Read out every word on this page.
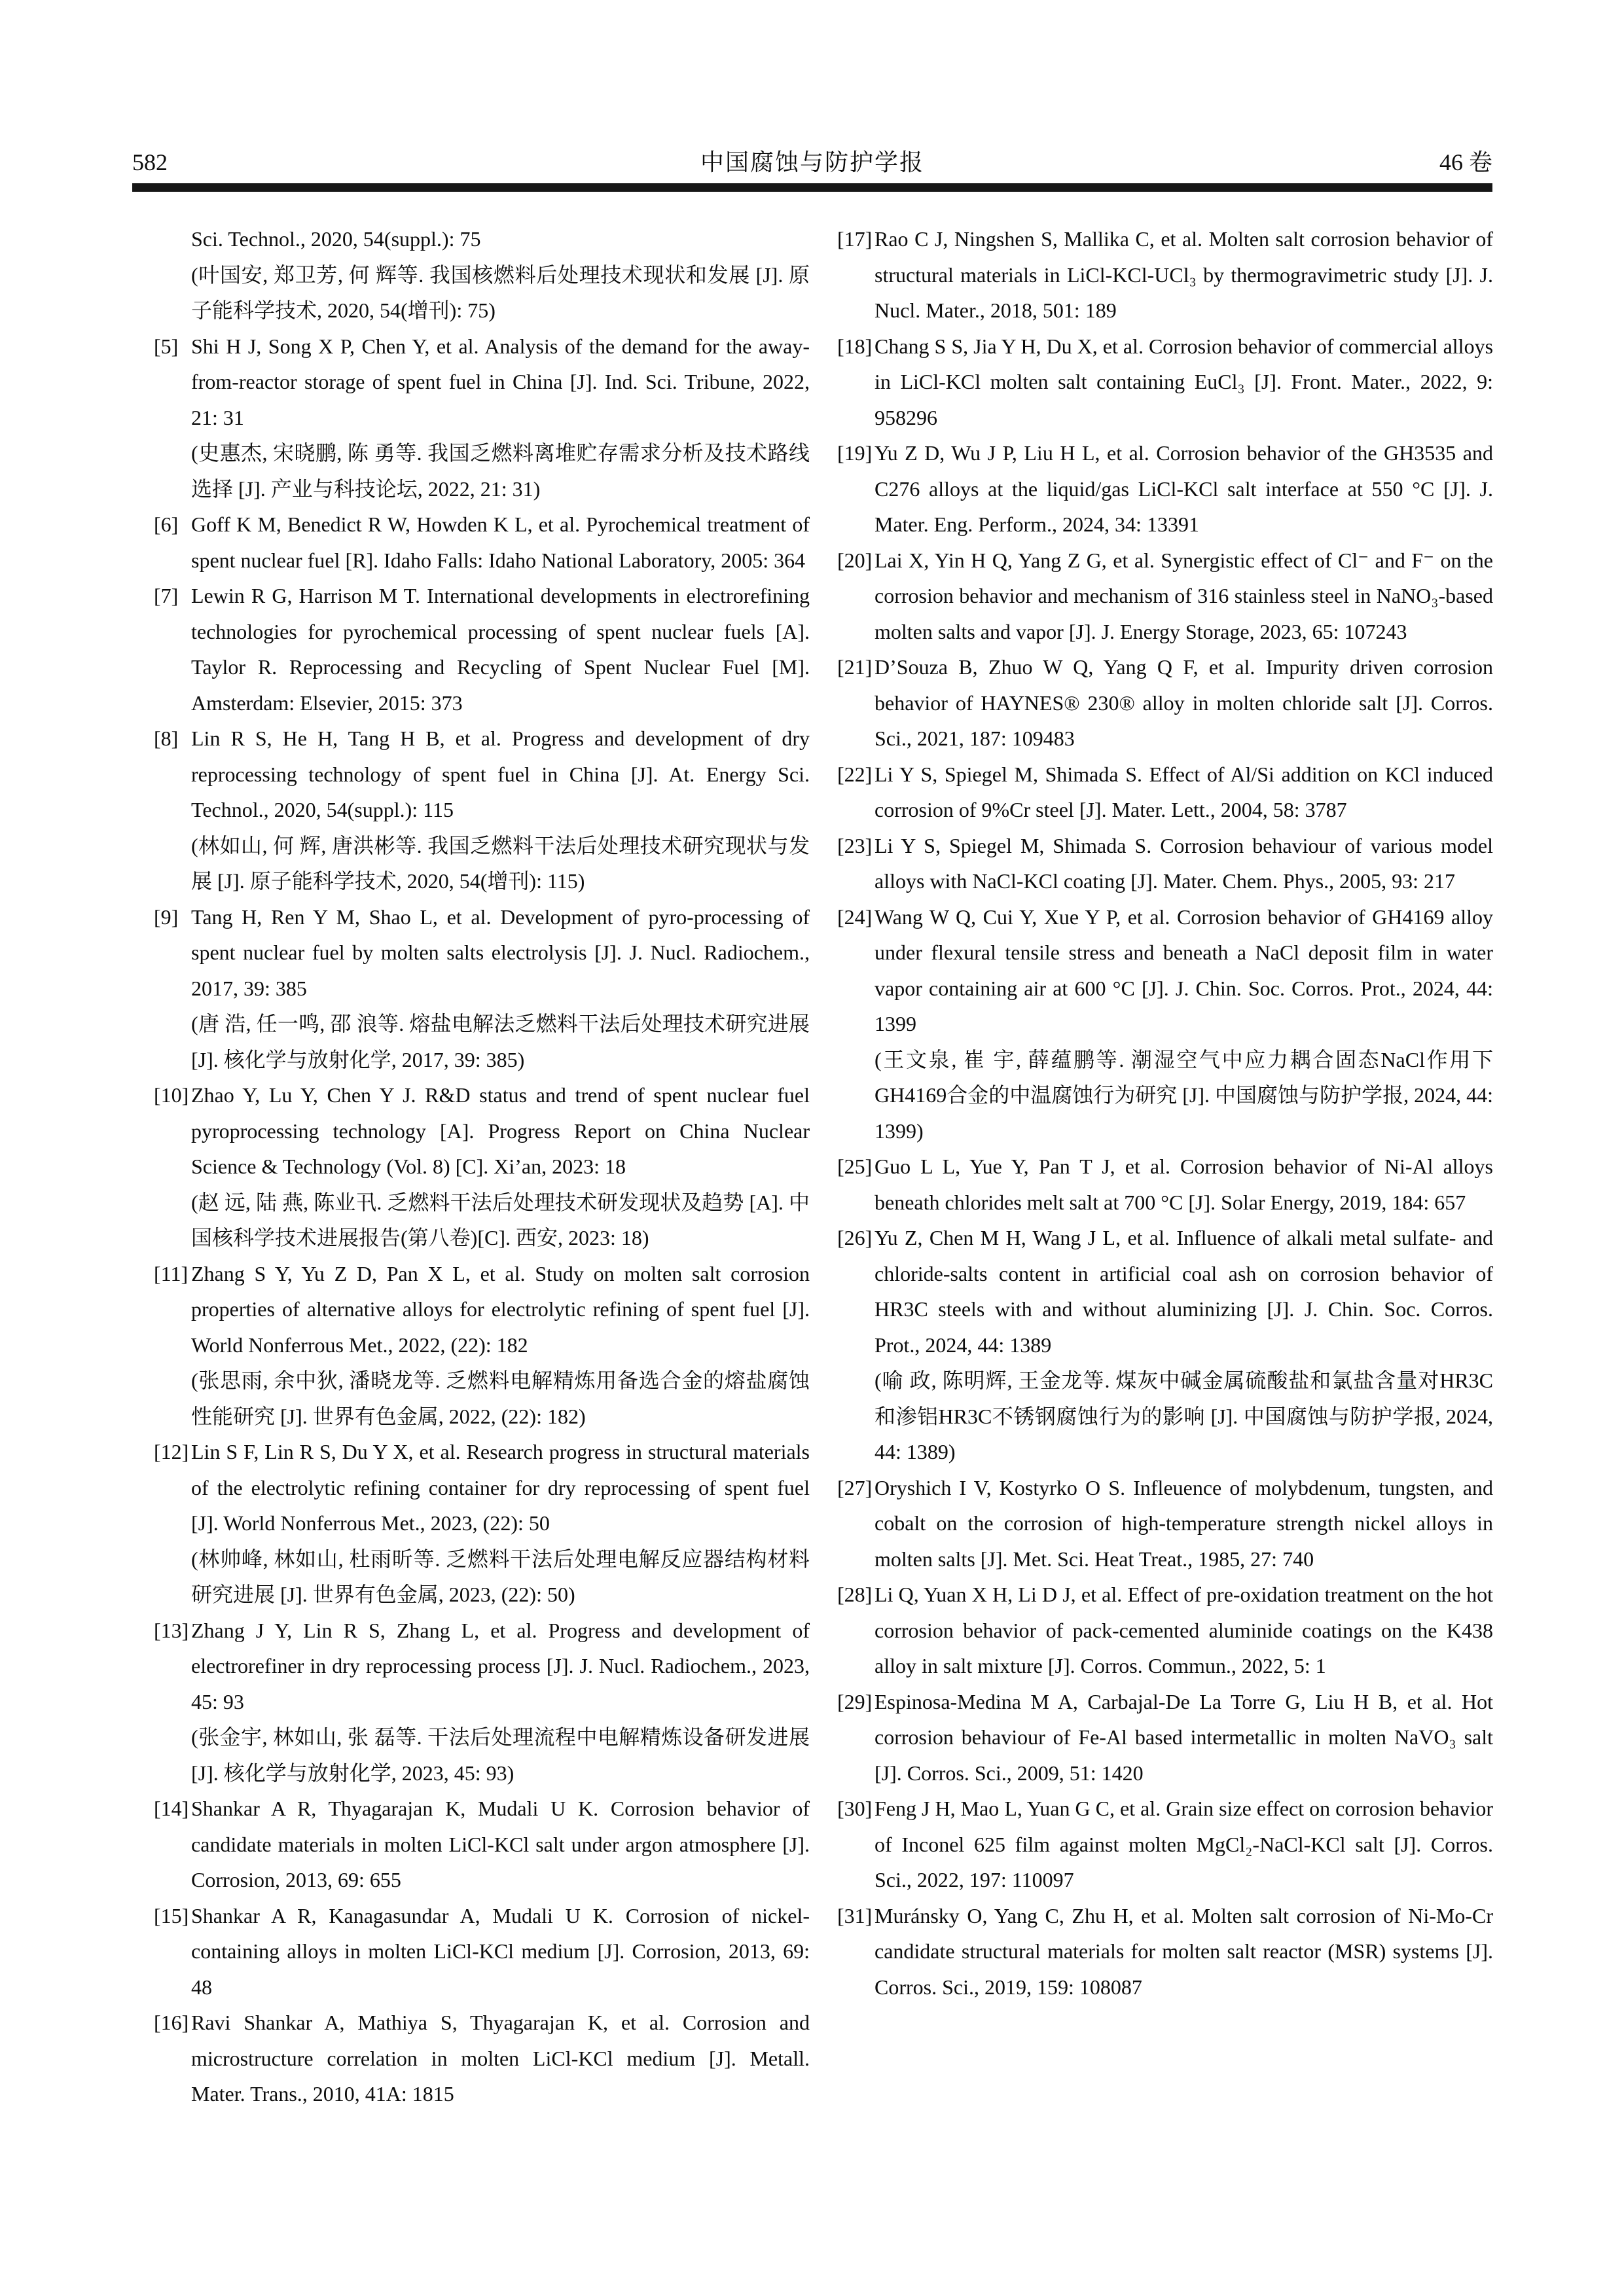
582	中国腐蚀与防护学报	46 卷
Sci. Technol., 2020, 54(suppl.): 75
(叶国安, 郑卫芳, 何 辉等. 我国核燃料后处理技术现状和发展 [J]. 原子能科学技术, 2020, 54(增刊): 75)
[5] Shi H J, Song X P, Chen Y, et al. Analysis of the demand for the away-from-reactor storage of spent fuel in China [J]. Ind. Sci. Tribune, 2022, 21: 31
(史惠杰, 宋晓鹏, 陈 勇等. 我国乏燃料离堆贮存需求分析及技术路线选择 [J]. 产业与科技论坛, 2022, 21: 31)
[6] Goff K M, Benedict R W, Howden K L, et al. Pyrochemical treatment of spent nuclear fuel [R]. Idaho Falls: Idaho National Laboratory, 2005: 364
[7] Lewin R G, Harrison M T. International developments in electrorefining technologies for pyrochemical processing of spent nuclear fuels [A]. Taylor R. Reprocessing and Recycling of Spent Nuclear Fuel [M]. Amsterdam: Elsevier, 2015: 373
[8] Lin R S, He H, Tang H B, et al. Progress and development of dry reprocessing technology of spent fuel in China [J]. At. Energy Sci. Technol., 2020, 54(suppl.): 115
(林如山, 何 辉, 唐洪彬等. 我国乏燃料干法后处理技术研究现状与发展 [J]. 原子能科学技术, 2020, 54(增刊): 115)
[9] Tang H, Ren Y M, Shao L, et al. Development of pyro-processing of spent nuclear fuel by molten salts electrolysis [J]. J. Nucl. Radiochem., 2017, 39: 385
(唐 浩, 任一鸣, 邵 浪等. 熔盐电解法乏燃料干法后处理技术研究进展 [J]. 核化学与放射化学, 2017, 39: 385)
[10] Zhao Y, Lu Y, Chen Y J. R&D status and trend of spent nuclear fuel pyroprocessing technology [A]. Progress Report on China Nuclear Science & Technology (Vol. 8) [C]. Xi’an, 2023: 18
(赵 远, 陆 燕, 陈业卂. 乏燃料干法后处理技术研发现状及趋势 [A]. 中国核科学技术进展报告(第八卷)[C]. 西安, 2023: 18)
[11] Zhang S Y, Yu Z D, Pan X L, et al. Study on molten salt corrosion properties of alternative alloys for electrolytic refining of spent fuel [J]. World Nonferrous Met., 2022, (22): 182
(张思雨, 余中狄, 潘晓龙等. 乏燃料电解精炼用备选合金的熔盐腐蚀性能研究 [J]. 世界有色金属, 2022, (22): 182)
[12] Lin S F, Lin R S, Du Y X, et al. Research progress in structural materials of the electrolytic refining container for dry reprocessing of spent fuel [J]. World Nonferrous Met., 2023, (22): 50
(林帅峰, 林如山, 杜雨昕等. 乏燃料干法后处理电解反应器结构材料研究进展 [J]. 世界有色金属, 2023, (22): 50)
[13] Zhang J Y, Lin R S, Zhang L, et al. Progress and development of electrorefiner in dry reprocessing process [J]. J. Nucl. Radiochem., 2023, 45: 93
(张金宇, 林如山, 张 磊等. 干法后处理流程中电解精炼设备研发进展 [J]. 核化学与放射化学, 2023, 45: 93)
[14] Shankar A R, Thyagarajan K, Mudali U K. Corrosion behavior of candidate materials in molten LiCl-KCl salt under argon atmosphere [J]. Corrosion, 2013, 69: 655
[15] Shankar A R, Kanagasundar A, Mudali U K. Corrosion of nickel-containing alloys in molten LiCl-KCl medium [J]. Corrosion, 2013, 69: 48
[16] Ravi Shankar A, Mathiya S, Thyagarajan K, et al. Corrosion and microstructure correlation in molten LiCl-KCl medium [J]. Metall. Mater. Trans., 2010, 41A: 1815
[17] Rao C J, Ningshen S, Mallika C, et al. Molten salt corrosion behavior of structural materials in LiCl-KCl-UCl₃ by thermogravimetric study [J]. J. Nucl. Mater., 2018, 501: 189
[18] Chang S S, Jia Y H, Du X, et al. Corrosion behavior of commercial alloys in LiCl-KCl molten salt containing EuCl₃ [J]. Front. Mater., 2022, 9: 958296
[19] Yu Z D, Wu J P, Liu H L, et al. Corrosion behavior of the GH3535 and C276 alloys at the liquid/gas LiCl-KCl salt interface at 550 °C [J]. J. Mater. Eng. Perform., 2024, 34: 13391
[20] Lai X, Yin H Q, Yang Z G, et al. Synergistic effect of Cl⁻ and F⁻ on the corrosion behavior and mechanism of 316 stainless steel in NaNO₃-based molten salts and vapor [J]. J. Energy Storage, 2023, 65: 107243
[21] D’Souza B, Zhuo W Q, Yang Q F, et al. Impurity driven corrosion behavior of HAYNES® 230® alloy in molten chloride salt [J]. Corros. Sci., 2021, 187: 109483
[22] Li Y S, Spiegel M, Shimada S. Effect of Al/Si addition on KCl induced corrosion of 9%Cr steel [J]. Mater. Lett., 2004, 58: 3787
[23] Li Y S, Spiegel M, Shimada S. Corrosion behaviour of various model alloys with NaCl-KCl coating [J]. Mater. Chem. Phys., 2005, 93: 217
[24] Wang W Q, Cui Y, Xue Y P, et al. Corrosion behavior of GH4169 alloy under flexural tensile stress and beneath a NaCl deposit film in water vapor containing air at 600 °C [J]. J. Chin. Soc. Corros. Prot., 2024, 44: 1399
(王文泉, 崔 宇, 薛蕴鹏等. 潮湿空气中应力耦合固态NaCl作用下GH4169合金的中温腐蚀行为研究 [J]. 中国腐蚀与防护学报, 2024, 44: 1399)
[25] Guo L L, Yue Y, Pan T J, et al. Corrosion behavior of Ni-Al alloys beneath chlorides melt salt at 700 °C [J]. Solar Energy, 2019, 184: 657
[26] Yu Z, Chen M H, Wang J L, et al. Influence of alkali metal sulfate- and chloride-salts content in artificial coal ash on corrosion behavior of HR3C steels with and without aluminizing [J]. J. Chin. Soc. Corros. Prot., 2024, 44: 1389
(喻 政, 陈明辉, 王金龙等. 煤灰中碱金属硫酸盐和氯盐含量对HR3C和渗铝HR3C不锈钢腐蚀行为的影响 [J]. 中国腐蚀与防护学报, 2024, 44: 1389)
[27] Oryshich I V, Kostyrko O S. Infleuence of molybdenum, tungsten, and cobalt on the corrosion of high-temperature strength nickel alloys in molten salts [J]. Met. Sci. Heat Treat., 1985, 27: 740
[28] Li Q, Yuan X H, Li D J, et al. Effect of pre-oxidation treatment on the hot corrosion behavior of pack-cemented aluminide coatings on the K438 alloy in salt mixture [J]. Corros. Commun., 2022, 5: 1
[29] Espinosa-Medina M A, Carbajal-De La Torre G, Liu H B, et al. Hot corrosion behaviour of Fe-Al based intermetallic in molten NaVO₃ salt [J]. Corros. Sci., 2009, 51: 1420
[30] Feng J H, Mao L, Yuan G C, et al. Grain size effect on corrosion behavior of Inconel 625 film against molten MgCl₂-NaCl-KCl salt [J]. Corros. Sci., 2022, 197: 110097
[31] Muránsky O, Yang C, Zhu H, et al. Molten salt corrosion of Ni-Mo-Cr candidate structural materials for molten salt reactor (MSR) systems [J]. Corros. Sci., 2019, 159: 108087
